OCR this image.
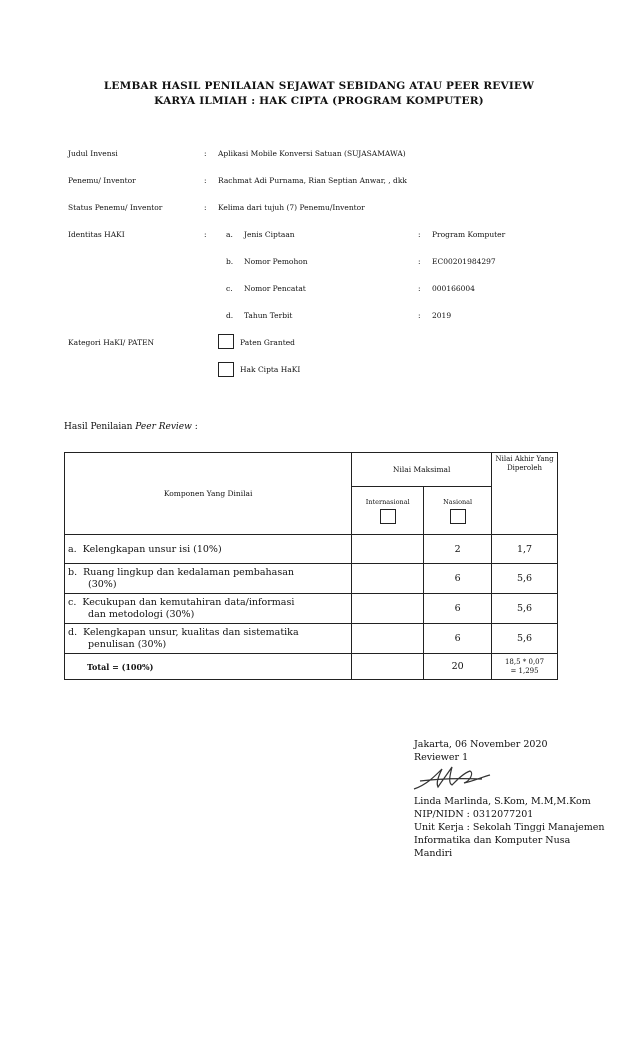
LEMBAR HASIL PENILAIAN SEJAWAT SEBIDANG ATAU PEER REVIEW
KARYA ILMIAH : HAK CIPTA (PROGRAM KOMPUTER)
Judul Invensi	: Aplikasi Mobile Konversi Satuan (SUJASAMAWA)
Penemu/ Inventor	: Rachmat Adi Purnama, Rian Septian Anwar, , dkk
Status Penemu/ Inventor	: Kelima dari tujuh (7) Penemu/Inventor
Identitas HAKI	:	a. Jenis Ciptaan	: Program Komputer
b. Nomor Pemohon	: EC00201984297
c. Nomor Pencatat	: 000166004
d. Tahun Terbit	: 2019
Kategori HaKI/ PATEN	Paten Granted
Hak Cipta HaKI
Hasil Penilaian Peer Review :
Komponen Yang Dinilai	Nilai Maksimal		Nilai Akhir Yang Diperoleh

	Internasional	Nasional	

a. Kelengkapan unsur isi (10%)		2	1,7
b. Ruang lingkup dan kedalaman pembahasan
(30%)		6	5,6
c. Kecukupan dan kemutahiran data/informasi
dan metodologi (30%)		6	5,6
d. Kelengkapan unsur, kualitas dan sistematika
penulisan (30%)		6	5,6
Total = (100%)		20	18,5 * 0,07
= 1,295
Jakarta, 06 November 2020
Reviewer 1
Linda Marlinda, S.Kom, M.M,M.Kom
NIP/NIDN : 0312077201
Unit Kerja : Sekolah Tinggi Manajemen
Informatika dan Komputer Nusa
Mandiri
